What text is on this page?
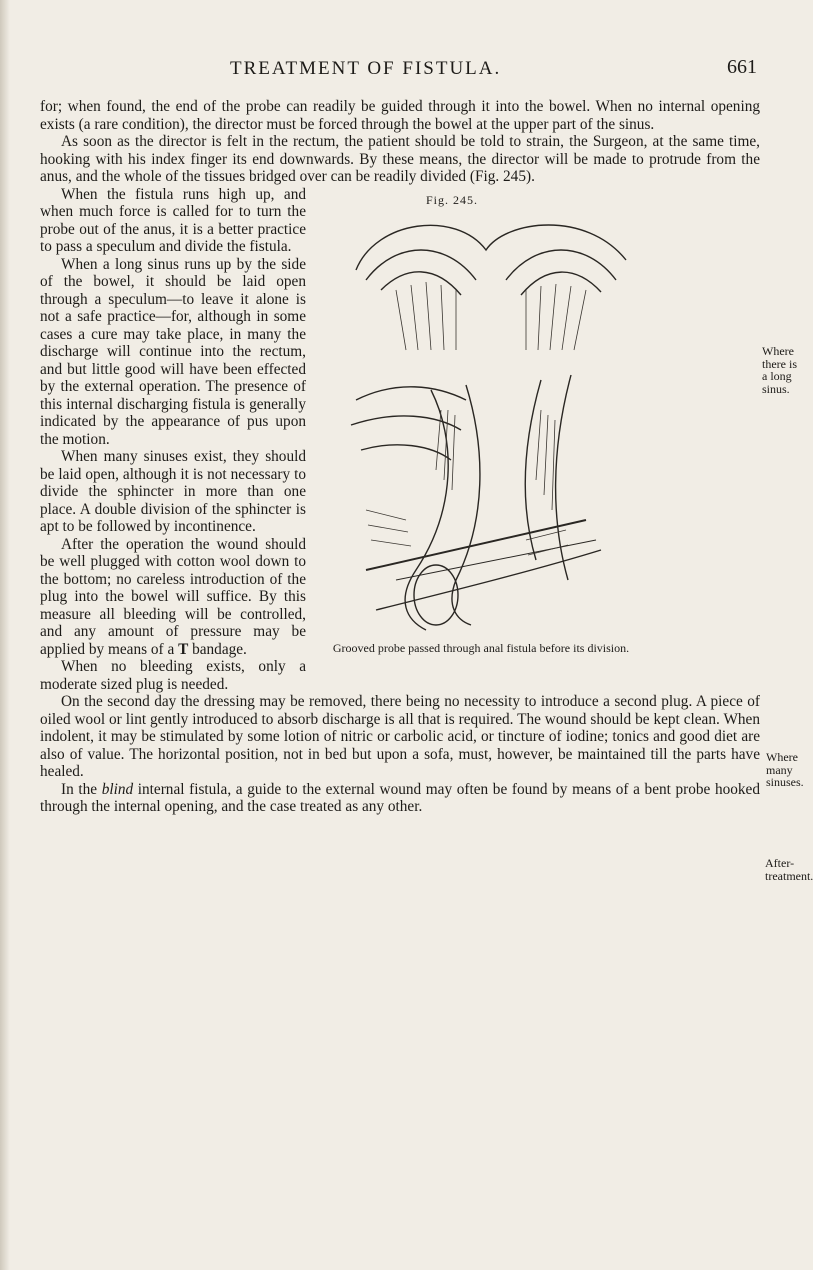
TREATMENT OF FISTULA.	661
Where there is a long sinus.
Where many sinuses.
After-treatment.

for; when found, the end of the probe can readily be guided through it into the bowel. When no internal opening exists (a rare condition), the director must be forced through the bowel at the upper part of the sinus.

As soon as the director is felt in the rectum, the patient should be told to strain, the Surgeon, at the same time, hooking with his index finger its end downwards. By these means, the director will be made to protrude from the anus, and the whole of the tissues bridged over can be readily divided (Fig. 245).

Fig. 245.
Grooved probe passed through anal fistula before its division.

When the fistula runs high up, and when much force is called for to turn the probe out of the anus, it is a better practice to pass a speculum and divide the fistula.

When a long sinus runs up by the side of the bowel, it should be laid open through a speculum—to leave it alone is not a safe practice—for, although in some cases a cure may take place, in many the discharge will continue into the rectum, and but little good will have been effected by the external operation. The presence of this internal discharging fistula is generally indicated by the appearance of pus upon the motion.

When many sinuses exist, they should be laid open, although it is not necessary to divide the sphincter in more than one place. A double division of the sphincter is apt to be followed by incontinence.

After the operation the wound should be well plugged with cotton wool down to the bottom; no careless introduction of the plug into the bowel will suffice. By this measure all bleeding will be controlled, and any amount of pressure may be applied by means of a T bandage.

When no bleeding exists, only a moderate sized plug is needed.

On the second day the dressing may be removed, there being no necessity to introduce a second plug. A piece of oiled wool or lint gently introduced to absorb discharge is all that is required. The wound should be kept clean. When indolent, it may be stimulated by some lotion of nitric or carbolic acid, or tincture of iodine; tonics and good diet are also of value. The horizontal position, not in bed but upon a sofa, must, however, be maintained till the parts have healed.

In the blind internal fistula, a guide to the external wound may often be found by means of a bent probe hooked through the internal opening, and the case treated as any other.
